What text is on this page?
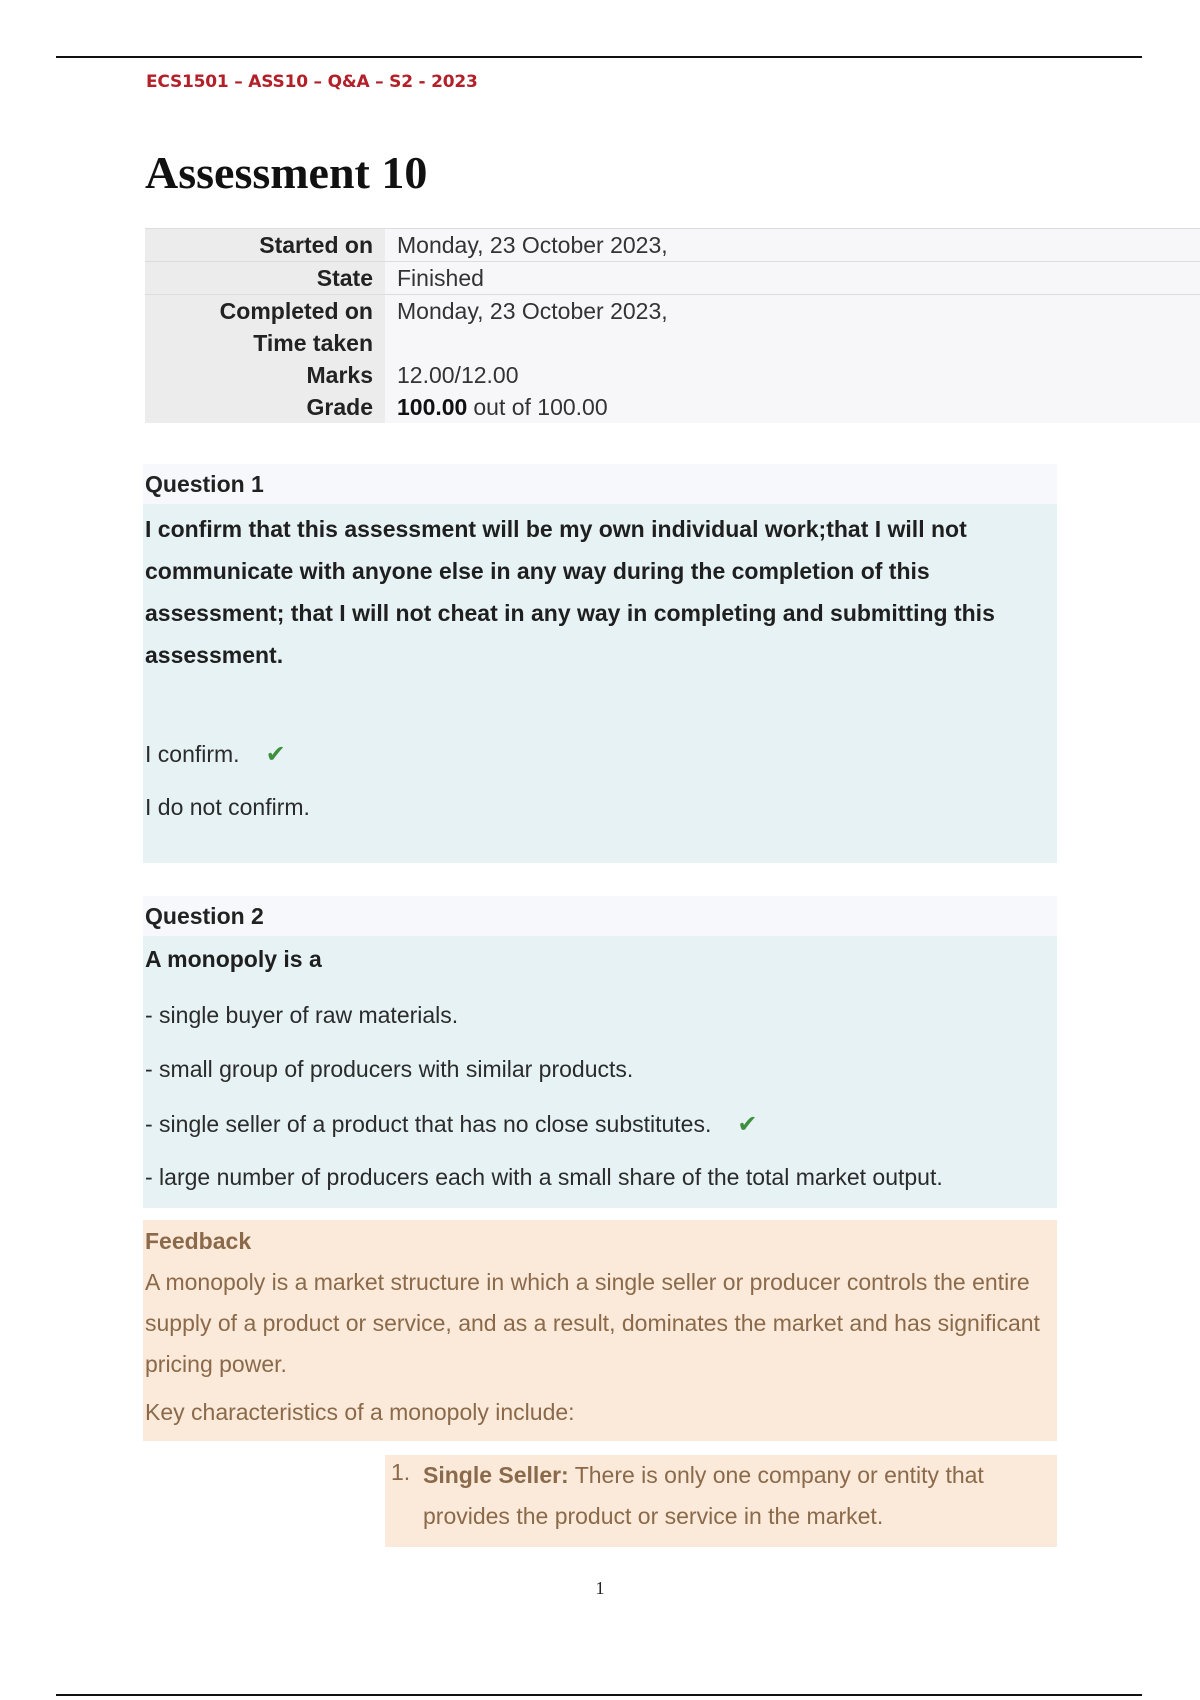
ECS1501 – ASS10 – Q&A – S2 - 2023
Assessment 10
Started on	Monday, 23 October 2023,
State	Finished
Completed on	Monday, 23 October 2023,
Time taken
Marks	12.00/12.00
Grade	100.00 out of 100.00
Question 1
I confirm that this assessment will be my own individual work;that I will not communicate with anyone else in any way during the completion of this assessment; that I will not cheat in any way in completing and submitting this assessment.
I confirm. ✔
I do not confirm.
Question 2
A monopoly is a
- single buyer of raw materials.
- small group of producers with similar products.
- single seller of a product that has no close substitutes. ✔
- large number of producers each with a small share of the total market output.
Feedback
A monopoly is a market structure in which a single seller or producer controls the entire supply of a product or service, and as a result, dominates the market and has significant pricing power.
Key characteristics of a monopoly include:
1. Single Seller: There is only one company or entity that provides the product or service in the market.
1
